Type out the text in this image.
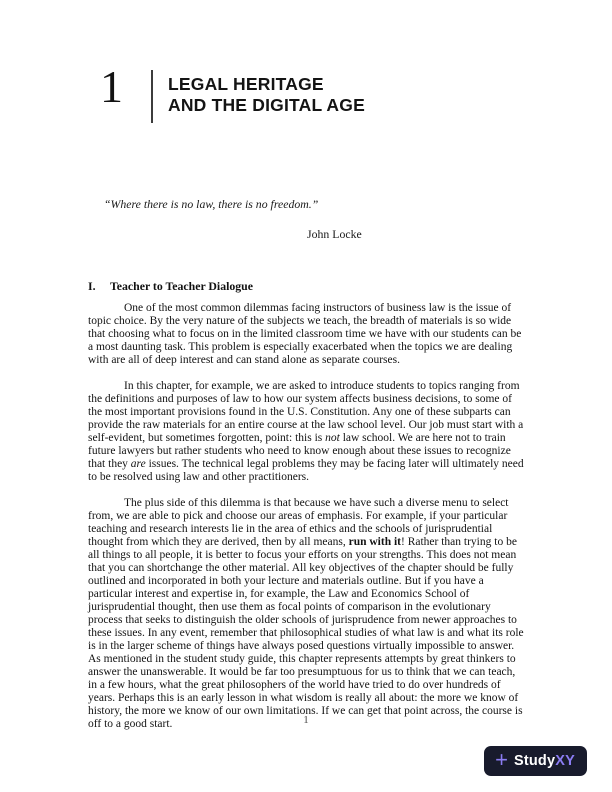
1	LEGAL HERITAGE
AND THE DIGITAL AGE
“Where there is no law, there is no freedom.”
John Locke
I. Teacher to Teacher Dialogue

One of the most common dilemmas facing instructors of business law is the issue of topic choice. By the very nature of the subjects we teach, the breadth of materials is so wide that choosing what to focus on in the limited classroom time we have with our students can be a most daunting task. This problem is especially exacerbated when the topics we are dealing with are all of deep interest and can stand alone as separate courses.

In this chapter, for example, we are asked to introduce students to topics ranging from the definitions and purposes of law to how our system affects business decisions, to some of the most important provisions found in the U.S. Constitution. Any one of these subparts can provide the raw materials for an entire course at the law school level. Our job must start with a self-evident, but sometimes forgotten, point: this is not law school. We are here not to train future lawyers but rather students who need to know enough about these issues to recognize that they are issues. The technical legal problems they may be facing later will ultimately need to be resolved using law and other practitioners.

The plus side of this dilemma is that because we have such a diverse menu to select from, we are able to pick and choose our areas of emphasis. For example, if your particular teaching and research interests lie in the area of ethics and the schools of jurisprudential thought from which they are derived, then by all means, run with it! Rather than trying to be all things to all people, it is better to focus your efforts on your strengths. This does not mean that you can shortchange the other material. All key objectives of the chapter should be fully outlined and incorporated in both your lecture and materials outline. But if you have a particular interest and expertise in, for example, the Law and Economics School of jurisprudential thought, then use them as focal points of comparison in the evolutionary process that seeks to distinguish the older schools of jurisprudence from newer approaches to these issues. In any event, remember that philosophical studies of what law is and what its role is in the larger scheme of things have always posed questions virtually impossible to answer. As mentioned in the student study guide, this chapter represents attempts by great thinkers to answer the unanswerable. It would be far too presumptuous for us to think that we can teach, in a few hours, what the great philosophers of the world have tried to do over hundreds of years. Perhaps this is an early lesson in what wisdom is really all about: the more we know of history, the more we know of our own limitations. If we can get that point across, the course is off to a good start.	1
+ StudyXY
